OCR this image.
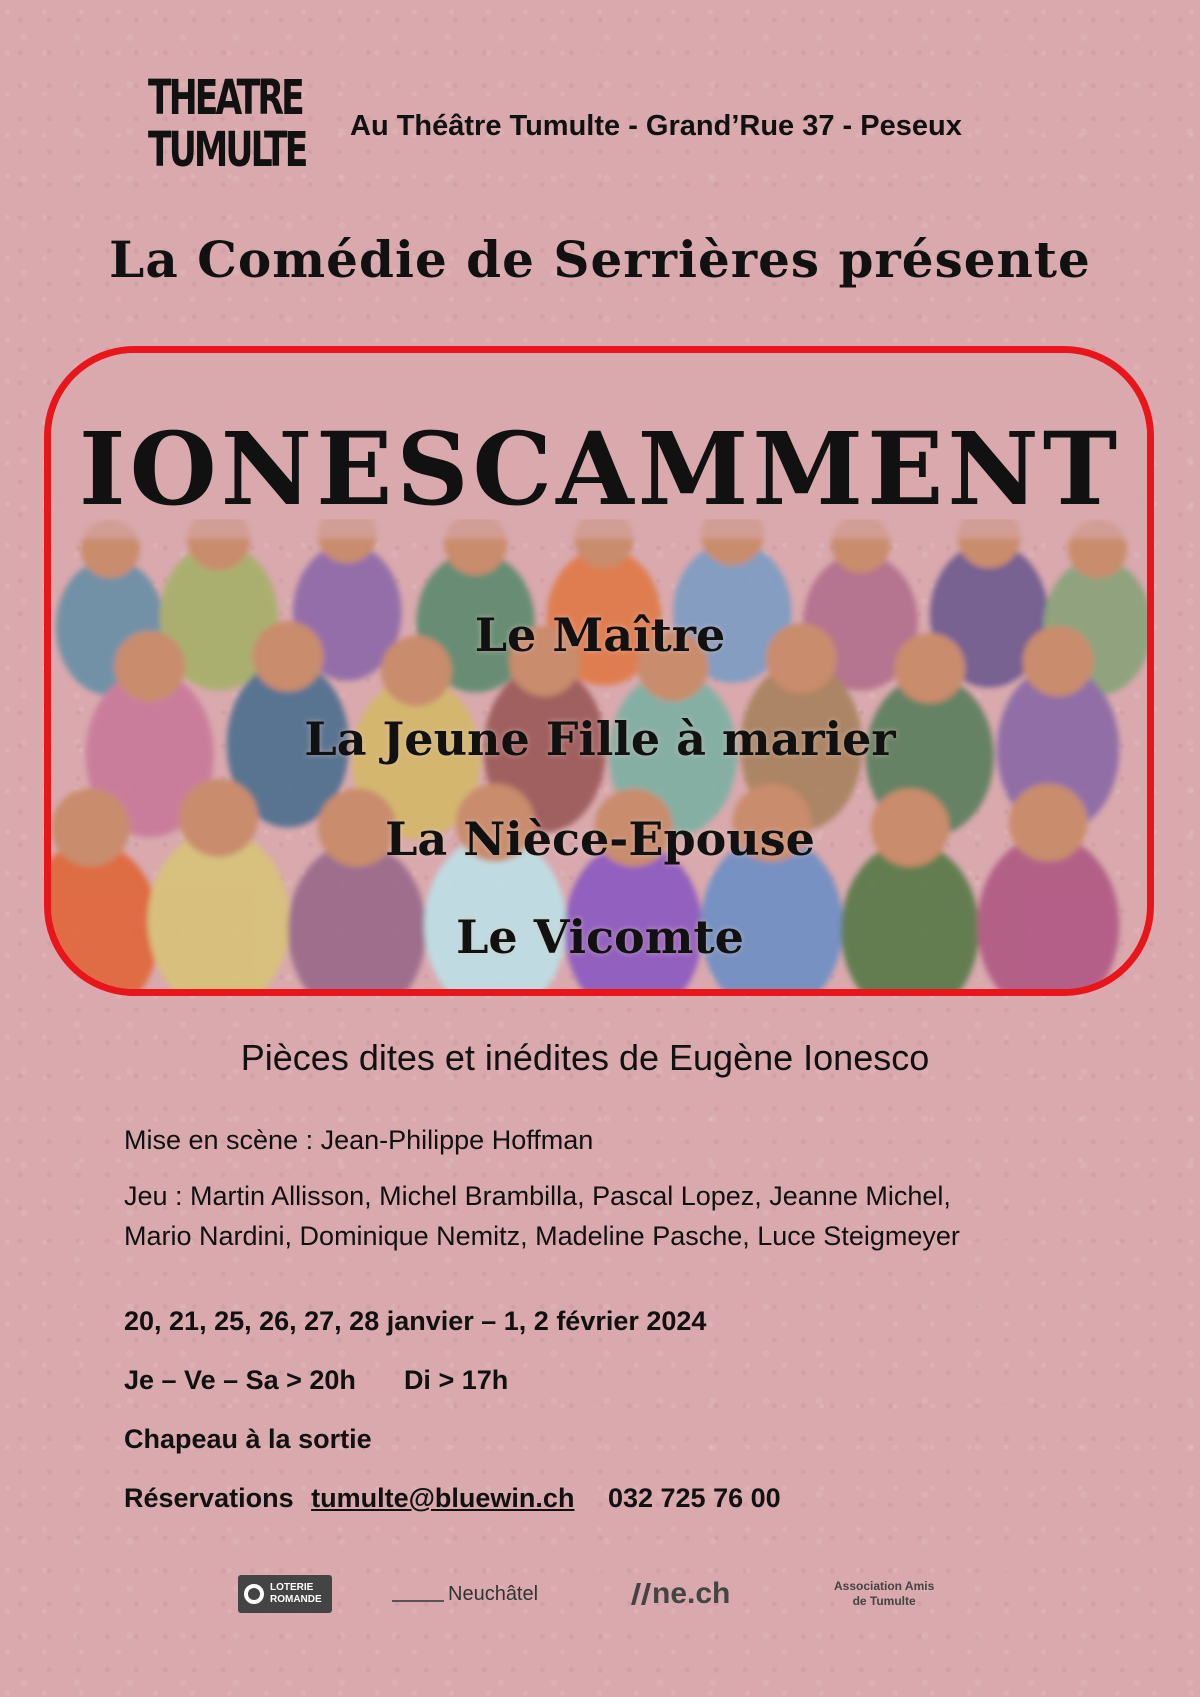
THEATRE
TUMULTE Au Théâtre Tumulte - Grand’Rue 37 - Peseux
La Comédie de Serrières présente
IONESCAMMENT
Le Maître
La Jeune Fille à marier
La Nièce-Epouse
Le Vicomte
Pièces dites et inédites de Eugène Ionesco
Mise en scène : Jean-Philippe Hoffman
Jeu : Martin Allisson, Michel Brambilla, Pascal Lopez, Jeanne Michel,
Mario Nardini, Dominique Nemitz, Madeline Pasche, Luce Steigmeyer
20, 21, 25, 26, 27, 28 janvier – 1, 2 février 2024
Je – Ve – Sa > 20h Di > 17h
Chapeau à la sortie
Réservations tumulte@bluewin.ch 032 725 76 00
LOTERIE
ROMANDE	Neuchâtel	ne.ch	Association Amis
de Tumulte
